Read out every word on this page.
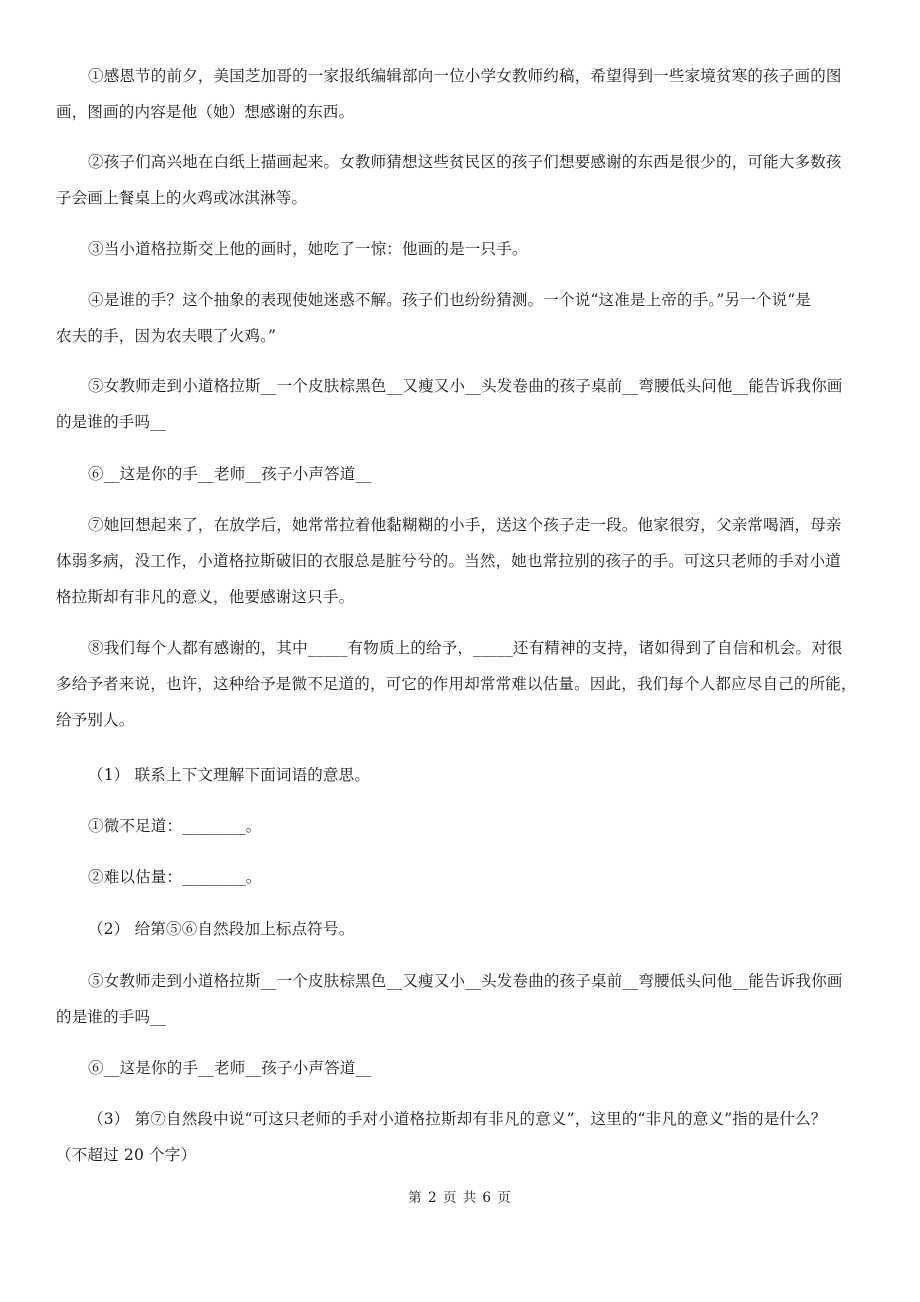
①感恩节的前夕，美国芝加哥的一家报纸编辑部向一位小学女教师约稿，希望得到一些家境贫寒的孩子画的图
画，图画的内容是他（她）想感谢的东西。
②孩子们高兴地在白纸上描画起来。女教师猜想这些贫民区的孩子们想要感谢的东西是很少的，可能大多数孩
子会画上餐桌上的火鸡或冰淇淋等。
③当小道格拉斯交上他的画时，她吃了一惊：他画的是一只手。
④是谁的手？这个抽象的表现使她迷惑不解。孩子们也纷纷猜测。一个说“这准是上帝的手。”另一个说“是
农夫的手，因为农夫喂了火鸡。”
⑤女教师走到小道格拉斯__一个皮肤棕黑色__又瘦又小__头发卷曲的孩子桌前__弯腰低头问他__能告诉我你画
的是谁的手吗__
⑥__这是你的手__老师__孩子小声答道__
⑦她回想起来了，在放学后，她常常拉着他黏糊糊的小手，送这个孩子走一段。他家很穷，父亲常喝酒，母亲
体弱多病，没工作，小道格拉斯破旧的衣服总是脏兮兮的。当然，她也常拉别的孩子的手。可这只老师的手对小道
格拉斯却有非凡的意义，他要感谢这只手。
⑧我们每个人都有感谢的，其中_____有物质上的给予，_____还有精神的支持，诸如得到了自信和机会。对很
多给予者来说，也许，这种给予是微不足道的，可它的作用却常常难以估量。因此，我们每个人都应尽自己的所能，
给予别人。
（1） 联系上下文理解下面词语的意思。
①微不足道：________。
②难以估量：________。
（2） 给第⑤⑥自然段加上标点符号。
⑤女教师走到小道格拉斯__一个皮肤棕黑色__又瘦又小__头发卷曲的孩子桌前__弯腰低头问他__能告诉我你画
的是谁的手吗__
⑥__这是你的手__老师__孩子小声答道__
（3） 第⑦自然段中说“可这只老师的手对小道格拉斯却有非凡的意义”，这里的“非凡的意义”指的是什么？
（不超过 20 个字）
第 2 页 共 6 页
